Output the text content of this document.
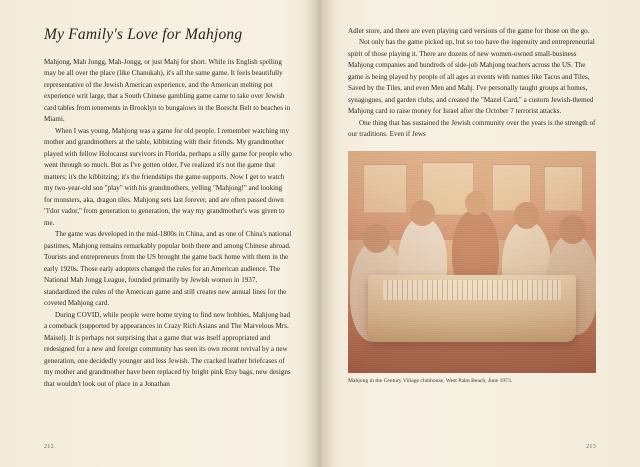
My Family's Love for Mahjong

Mahjong, Mah Jongg, Mah-Jongg, or just Mahj for short. While its English spelling may be all over the place (like Chanukah), it's all the same game. It feels beautifully representative of the Jewish American experience, and the American melting pot experience writ large, that a South Chinese gambling game came to take over Jewish card tables from tenements in Brooklyn to bungalows in the Borscht Belt to beaches in Miami.

When I was young, Mahjong was a game for old people. I remember watching my mother and grandmothers at the table, kibbitzing with their friends. My grandmother played with fellow Holocaust survivors in Florida, perhaps a silly game for people who went through so much. But as I've gotten older, I've realized it's not the game that matters; it's the kibbitzing; it's the friendships the game supports. Now I get to watch my two-year-old son "play" with his grandmothers, yelling "Mahjong!" and looking for monsters, aka, dragon tiles. Mahjong sets last forever, and are often passed down "l'dor vador," from generation to generation, the way my grandmother's was given to me.

The game was developed in the mid-1800s in China, and as one of China's national pastimes, Mahjong remains remarkably popular both there and among Chinese abroad. Tourists and entrepreneurs from the US brought the game back home with them in the early 1920s. Those early adopters changed the rules for an American audience. The National Mah Jongg League, founded primarily by Jewish women in 1937, standardized the rules of the American game and still creates new annual lines for the coveted Mahjong card.

During COVID, while people were home trying to find new hobbies, Mahjong had a comeback (supported by appearances in Crazy Rich Asians and The Marvelous Mrs. Maisel). It is perhaps not surprising that a game that was itself appropriated and redesigned for a new and foreign community has seen its own recent revival by a new generation, one decidedly younger and less Jewish. The cracked leather briefcases of my mother and grandmother have been replaced by bright pink Etsy bags, new designs that wouldn't look out of place in a Jonathan

212

Adler store, and there are even playing card versions of the game for those on the go.

Not only has the game picked up, but so too have the ingenuity and entrepreneurial spirit of those playing it. There are dozens of new women-owned small-business Mahjong companies and hundreds of side-job Mahjong teachers across the US. The game is being played by people of all ages at events with names like Tacos and Tiles, Saved by the Tiles, and even Men and Mahj. I've personally taught groups at homes, synagogues, and garden clubs, and created the "Mazel Card," a custom Jewish-themed Mahjong card to raise money for Israel after the October 7 terrorist attacks.

One thing that has sustained the Jewish community over the years is the strength of our traditions. Even if Jews

Mahjong in the Century Village clubhouse, West Palm Beach, June 1973.
213
